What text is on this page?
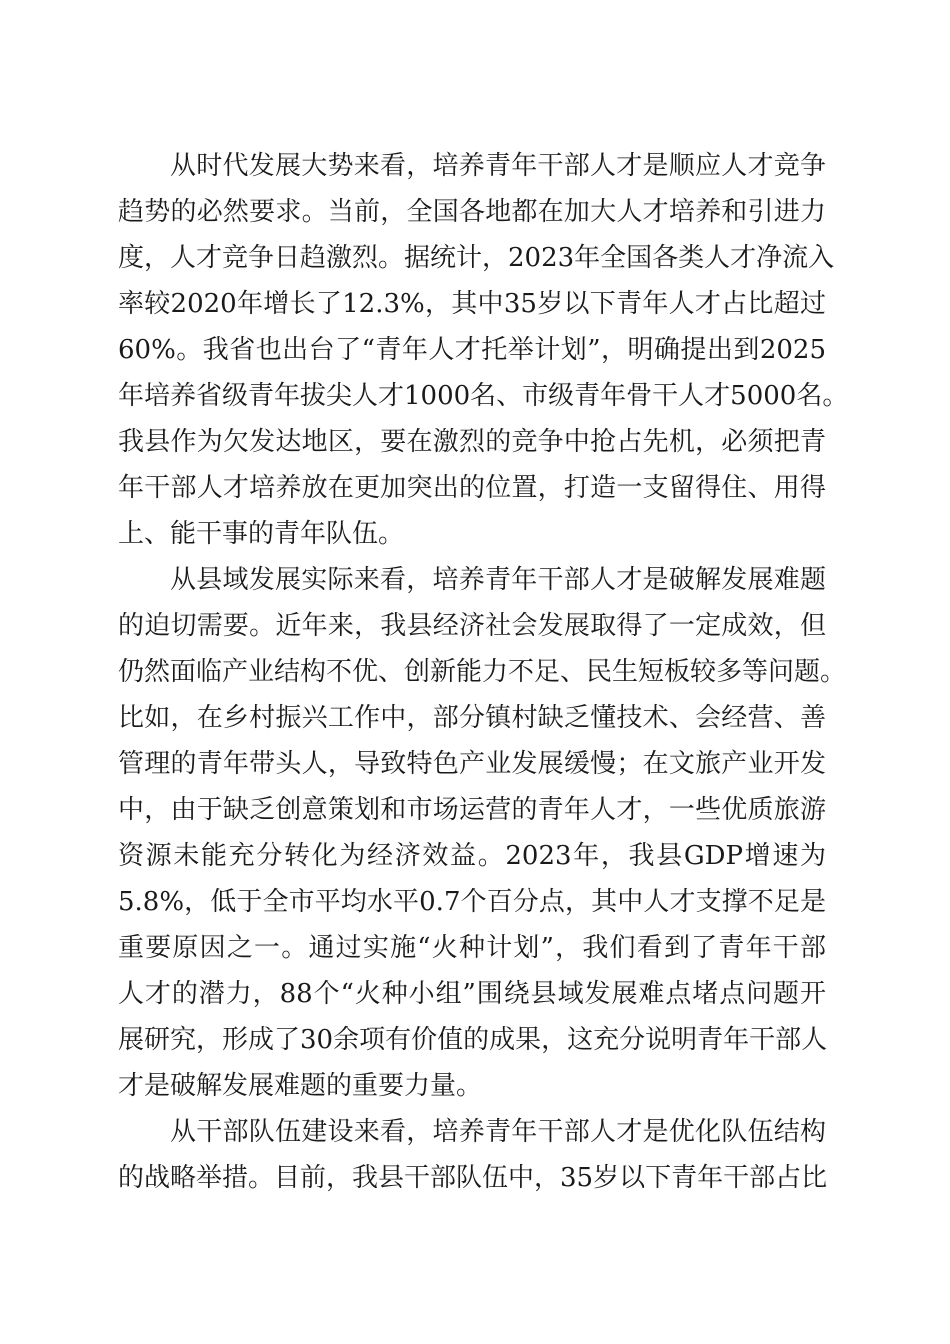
从时代发展大势来看，培养青年干部人才是顺应人才竞争
趋势的必然要求。当前，全国各地都在加大人才培养和引进力
度，人才竞争日趋激烈。据统计，2023年全国各类人才净流入
率较2020年增长了12.3%，其中35岁以下青年人才占比超过
60%。我省也出台了“青年人才托举计划”，明确提出到2025
年培养省级青年拔尖人才1000名、市级青年骨干人才5000名。
我县作为欠发达地区，要在激烈的竞争中抢占先机，必须把青
年干部人才培养放在更加突出的位置，打造一支留得住、用得
上、能干事的青年队伍。
从县域发展实际来看，培养青年干部人才是破解发展难题
的迫切需要。近年来，我县经济社会发展取得了一定成效，但
仍然面临产业结构不优、创新能力不足、民生短板较多等问题。
比如，在乡村振兴工作中，部分镇村缺乏懂技术、会经营、善
管理的青年带头人，导致特色产业发展缓慢；在文旅产业开发
中，由于缺乏创意策划和市场运营的青年人才，一些优质旅游
资源未能充分转化为经济效益。2023年，我县GDP增速为
5.8%，低于全市平均水平0.7个百分点，其中人才支撑不足是
重要原因之一。通过实施“火种计划”，我们看到了青年干部
人才的潜力，88个“火种小组”围绕县域发展难点堵点问题开
展研究，形成了30余项有价值的成果，这充分说明青年干部人
才是破解发展难题的重要力量。
从干部队伍建设来看，培养青年干部人才是优化队伍结构
的战略举措。目前，我县干部队伍中，35岁以下青年干部占比
